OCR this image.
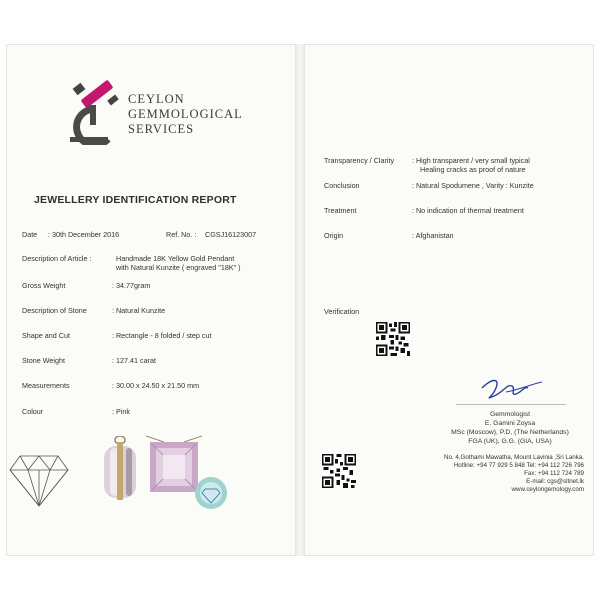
CEYLON
GEMMOLOGICAL
SERVICES
JEWELLERY IDENTIFICATION REPORT
Date : 30th December 2016	Ref. No. : CGSJ16123007
Description of Article :	Handmade 18K Yellow Gold Pendant
with Natural Kunzite ( engraved "18K" )
Gross Weight	: 34.77gram
Description of Stone	: Natural Kunzite
Shape and Cut	: Rectangle - 8 folded / step cut
Stone Weight	: 127.41 carat
Measurements	: 30.00 x 24.50 x 21.50 mm
Colour	: Pink
Transparency / Clarity : High transparent / very small typical
Healing cracks as proof of nature
Conclusion	: Natural Spodumene , Varity : Kunzite
Treatment	: No indication of thermal treatment
Origin	: Afghanistan
Verification
Gemmologist
E. Gamini Zoysa
MSc (Moscow), P.D, (The Netherlands)
FGA (UK), G.G. (GIA, USA)
No. 4,Gothami Mawatha, Mount Lavinia ,Sri Lanka.
Hotline: +94 77 929 5 848 Tel: +94 112 726 796
Fax: +94 112 724 789
E-mail: cgs@sltnet.lk
www.ceylongemology.com
